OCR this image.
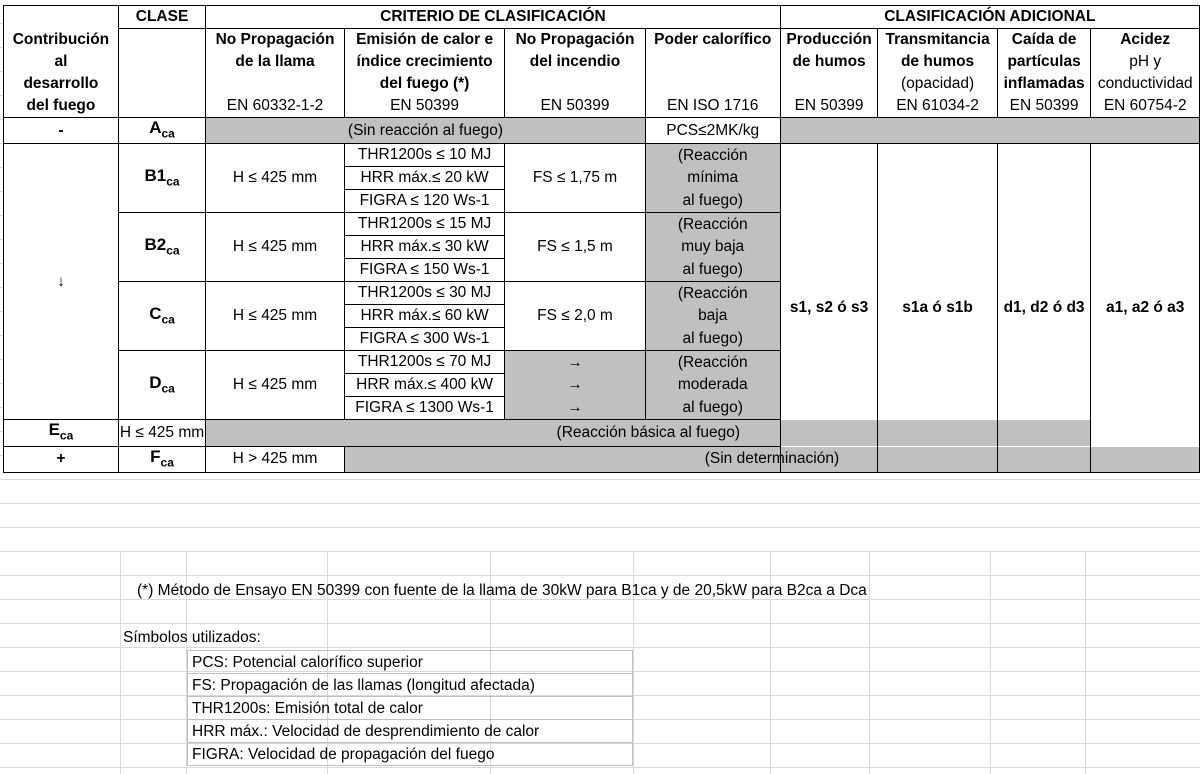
	CLASE	CRITERIO DE CLASIFICACIÓN				CLASIFICACIÓN ADICIONAL			
Contribución		No Propagación	Emisión de calor e	No Propagación	Poder calorífico	Producción	Transmitancia	Caída de	Acidez
al		de la llama	índice crecimiento	del incendio		de humos	de humos	partículas	pH y
desarrollo			del fuego (*)				(opacidad)	inflamadas	conductividad
del fuego		EN 60332-1-2	EN 50399	EN 50399	EN ISO 1716	EN 50399	EN 61034-2	EN 50399	EN 60754-2
-	$A_{ca}$	(Sin reacción al fuego)			PCS≤2MK/kg				
↓	$B1_{ca}$	H ≤ 425 mm	THR1200s ≤ 10 MJ	FS ≤ 1,75 m	(Reacción	s1, s2 ó s3	s1a ó s1b	d1, d2 ó d3	a1, a2 ó a3
			HRR máx.≤ 20 kW		mínima				
			FIGRA ≤ 120 Ws-1		al fuego)				
	$B2_{ca}$	H ≤ 425 mm	THR1200s ≤ 15 MJ	FS ≤ 1,5 m	(Reacción				
			HRR máx.≤ 30 kW		muy baja				
			FIGRA ≤ 150 Ws-1		al fuego)				
	$C_{ca}$	H ≤ 425 mm	THR1200s ≤ 30 MJ	FS ≤ 2,0 m	(Reacción				
			HRR máx.≤ 60 kW		baja				
			FIGRA ≤ 300 Ws-1		al fuego)				
	$D_{ca}$	H ≤ 425 mm	THR1200s ≤ 70 MJ	→	(Reacción				
			HRR máx.≤ 400 kW	→	moderada				
			FIGRA ≤ 1300 Ws-1	→	al fuego)				
$E_{ca}$	H ≤ 425 mm	(Reacción básica al fuego)							
+	$F_{ca}$	H > 425 mm	(Sin determinación)						
(*) Método de Ensayo EN 50399 con fuente de la llama de 30kW para B1ca y de 20,5kW para B2ca a Dca
Símbolos utilizados:
PCS: Potencial calorífico superior
FS: Propagación de las llamas (longitud afectada)
THR1200s: Emisión total de calor
HRR máx.: Velocidad de desprendimiento de calor
FIGRA: Velocidad de propagación del fuego
